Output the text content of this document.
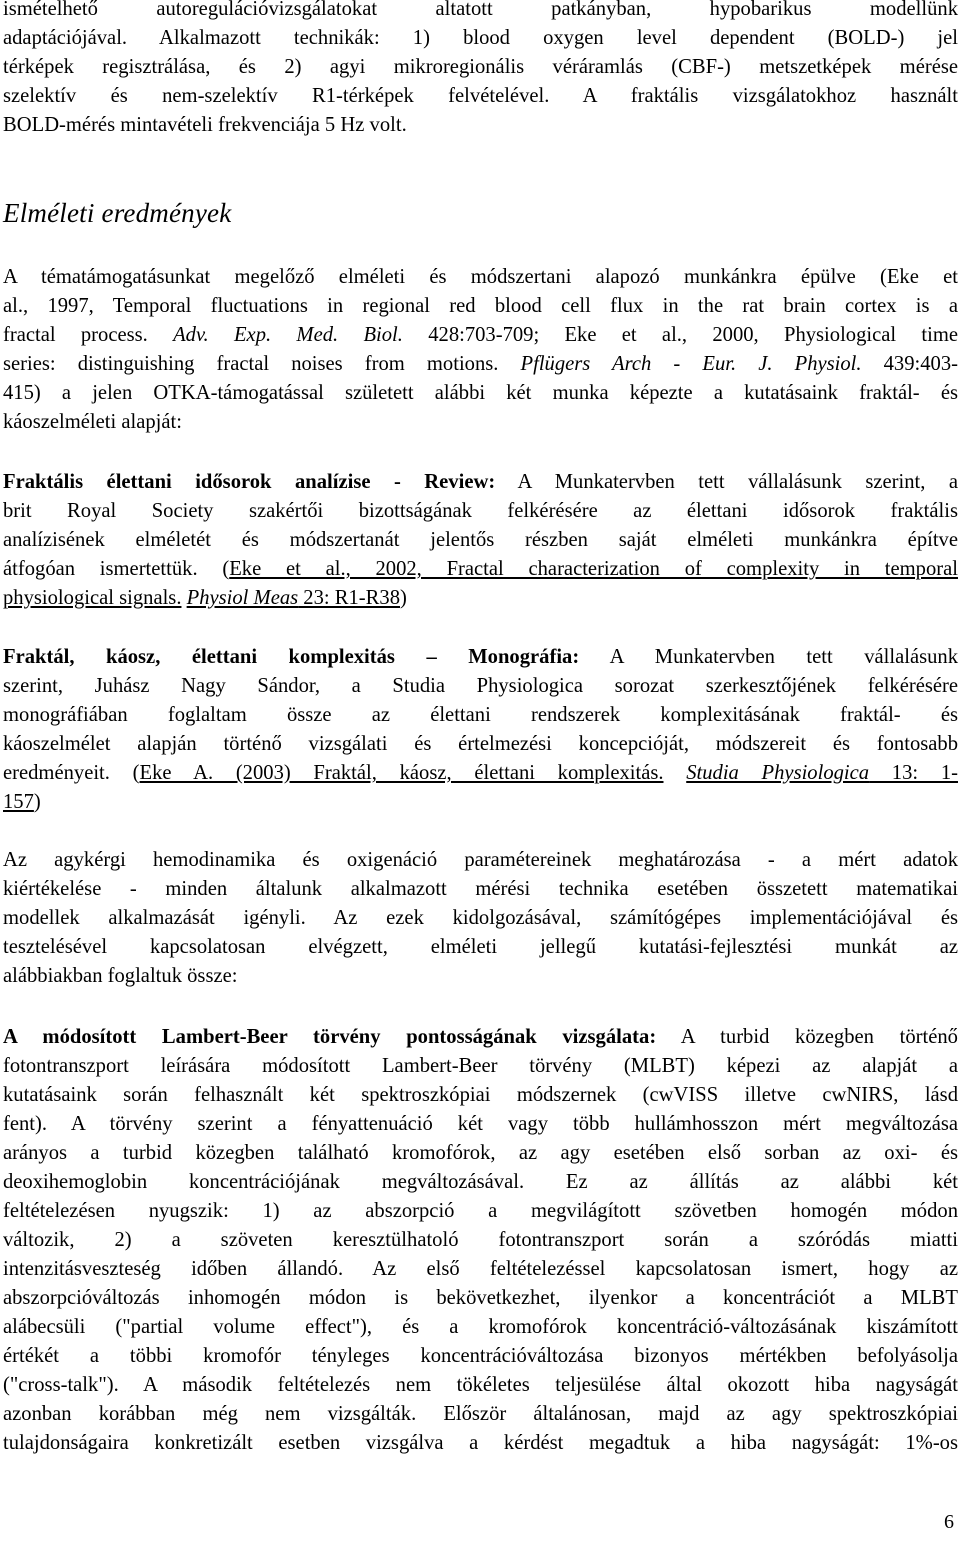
ismételhető autoregulációvizsgálatokat altatott patkányban, hypobarikus modellünk
adaptációjával. Alkalmazott technikák: 1) blood oxygen level dependent (BOLD-) jel
térképek regisztrálása, és 2) agyi mikroregionális véráramlás (CBF-) metszetképek mérése
szelektív és nem-szelektív R1-térképek felvételével. A fraktális vizsgálatokhoz használt
BOLD-mérés mintavételi frekvenciája 5 Hz volt.
Elméleti eredmények
A tématámogatásunkat megelőző elméleti és módszertani alapozó munkánkra épülve (Eke et
al., 1997, Temporal fluctuations in regional red blood cell flux in the rat brain cortex is a
fractal process. Adv. Exp. Med. Biol. 428:703-709; Eke et al., 2000, Physiological time
series: distinguishing fractal noises from motions. Pflügers Arch - Eur. J. Physiol. 439:403-
415) a jelen OTKA-támogatással született alábbi két munka képezte a kutatásaink fraktál- és
káoszelméleti alapját:
Fraktális élettani idősorok analízise - Review: A Munkatervben tett vállalásunk szerint, a
brit Royal Society szakértői bizottságának felkérésére az élettani idősorok fraktális
analízisének elméletét és módszertanát jelentős részben saját elméleti munkánkra építve
átfogóan ismertettük. (Eke et al., 2002, Fractal characterization of complexity in temporal
physiological signals. Physiol Meas 23: R1-R38)
Fraktál, káosz, élettani komplexitás – Monográfia: A Munkatervben tett vállalásunk
szerint, Juhász Nagy Sándor, a Studia Physiologica sorozat szerkesztőjének felkérésére
monográfiában foglaltam össze az élettani rendszerek komplexitásának fraktál- és
káoszelmélet alapján történő vizsgálati és értelmezési koncepcióját, módszereit és fontosabb
eredményeit. (Eke A. (2003) Fraktál, káosz, élettani komplexitás. Studia Physiologica 13: 1-
157)
Az agykérgi hemodinamika és oxigenáció paramétereinek meghatározása - a mért adatok
kiértékelése - minden általunk alkalmazott mérési technika esetében összetett matematikai
modellek alkalmazását igényli. Az ezek kidolgozásával, számítógépes implementációjával és
tesztelésével kapcsolatosan elvégzett, elméleti jellegű kutatási-fejlesztési munkát az
alábbiakban foglaltuk össze:
A módosított Lambert-Beer törvény pontosságának vizsgálata: A turbid közegben történő
fotontranszport leírására módosított Lambert-Beer törvény (MLBT) képezi az alapját a
kutatásaink során felhasznált két spektroszkópiai módszernek (cwVISS illetve cwNIRS, lásd
fent). A törvény szerint a fényattenuáció két vagy több hullámhosszon mért megváltozása
arányos a turbid közegben található kromofórok, az agy esetében első sorban az oxi- és
deoxihemoglobin koncentrációjának megváltozásával. Ez az állítás az alábbi két
feltételezésen nyugszik: 1) az abszorpció a megvilágított szövetben homogén módon
változik, 2) a szöveten keresztülhatoló fotontranszport során a szóródás miatti
intenzitásveszteség időben állandó. Az első feltételezéssel kapcsolatosan ismert, hogy az
abszorpcióváltozás inhomogén módon is bekövetkezhet, ilyenkor a koncentrációt a MLBT
alábecsüli ("partial volume effect"), és a kromofórok koncentráció-változásának kiszámított
értékét a többi kromofór tényleges koncentrációváltozása bizonyos mértékben befolyásolja
("cross-talk"). A második feltételezés nem tökéletes teljesülése által okozott hiba nagyságát
azonban korábban még nem vizsgálták. Először általánosan, majd az agy spektroszkópiai
tulajdonságaira konkretizált esetben vizsgálva a kérdést megadtuk a hiba nagyságát: 1%-os
6
